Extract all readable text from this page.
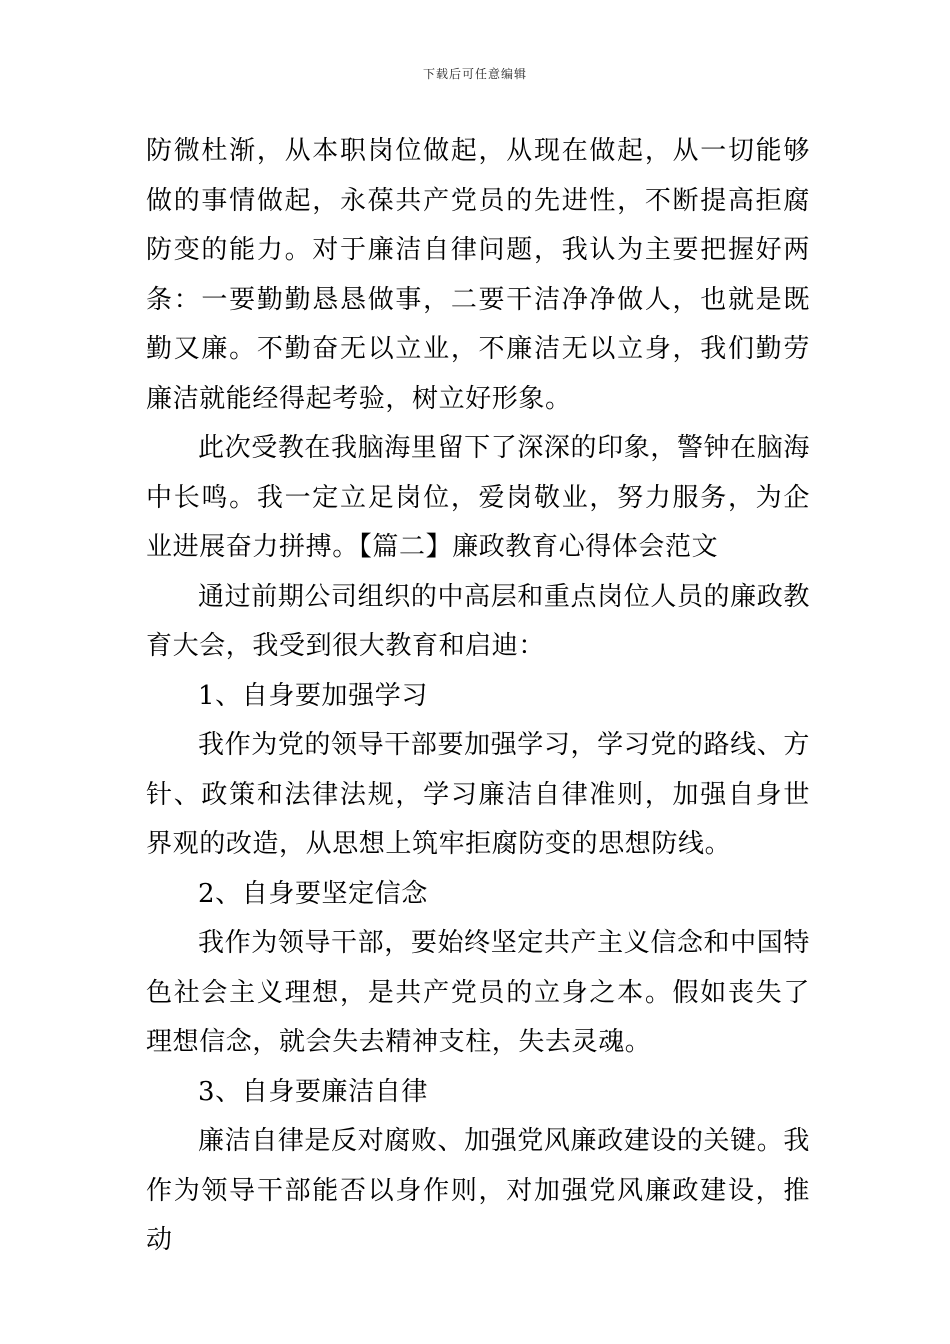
下载后可任意编辑

防微杜渐，从本职岗位做起，从现在做起，从一切能够做的事情做起，永葆共产党员的先进性，不断提高拒腐防变的能力。对于廉洁自律问题，我认为主要把握好两条：一要勤勤恳恳做事，二要干洁净净做人，也就是既勤又廉。不勤奋无以立业，不廉洁无以立身，我们勤劳廉洁就能经得起考验，树立好形象。

此次受教在我脑海里留下了深深的印象，警钟在脑海中长鸣。我一定立足岗位，爱岗敬业，努力服务，为企业进展奋力拼搏。【篇二】廉政教育心得体会范文

通过前期公司组织的中高层和重点岗位人员的廉政教育大会，我受到很大教育和启迪：

1、自身要加强学习

我作为党的领导干部要加强学习，学习党的路线、方针、政策和法律法规，学习廉洁自律准则，加强自身世界观的改造，从思想上筑牢拒腐防变的思想防线。

2、自身要坚定信念

我作为领导干部，要始终坚定共产主义信念和中国特色社会主义理想，是共产党员的立身之本。假如丧失了理想信念，就会失去精神支柱，失去灵魂。

3、自身要廉洁自律

廉洁自律是反对腐败、加强党风廉政建设的关键。我作为领导干部能否以身作则，对加强党风廉政建设，推动
